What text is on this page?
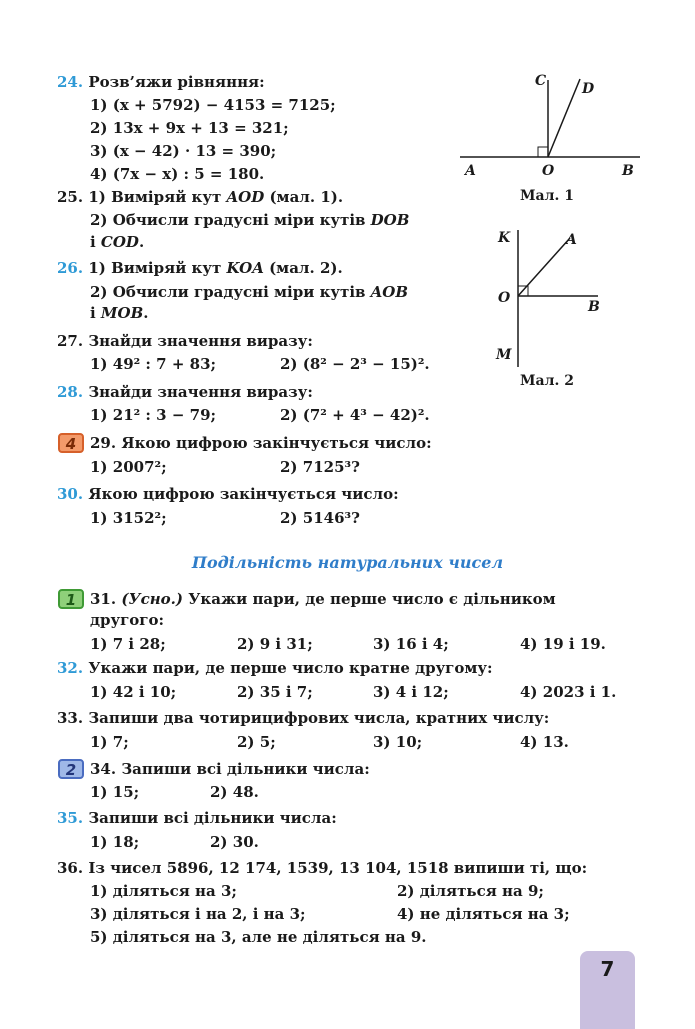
24. Розв’яжи рівняння:
1) (x + 5792) − 4153 = 7125;
2) 13x + 9x + 13 = 321;
3) (x − 42) · 13 = 390;
4) (7x − x) : 5 = 180.
25. 1) Виміряй кут AOD (мал. 1).
2) Обчисли градусні міри кутів DOB
і COD.
26. 1) Виміряй кут KOA (мал. 2).
2) Обчисли градусні міри кутів AOB
і MOB.
27. Знайди значення виразу:
1) 49² : 7 + 83;	2) (8² − 2³ − 15)².
28. Знайди значення виразу:
1) 21² : 3 − 79;	2) (7² + 4³ − 42)².
4 29. Якою цифрою закінчується число:
1) 2007²;	2) 7125³?
30. Якою цифрою закінчується число:
1) 3152²;	2) 5146³?
C	D
A	O	B
Мал. 1
K	A
O
B
M
Мал. 2
Подільність натуральних чисел
1 31. (Усно.) Укажи пари, де перше число є дільником
другого:
1) 7 і 28;	2) 9 і 31;	3) 16 і 4;	4) 19 і 19.
32. Укажи пари, де перше число кратне другому:
1) 42 і 10;	2) 35 і 7;	3) 4 і 12;	4) 2023 і 1.
33. Запиши два чотирицифрових числа, кратних числу:
1) 7;	2) 5;	3) 10;	4) 13.
2 34. Запиши всі дільники числа:
1) 15;	2) 48.
35. Запиши всі дільники числа:
1) 18;	2) 30.
36. Із чисел 5896, 12 174, 1539, 13 104, 1518 випиши ті, що:
1) діляться на 3;	2) діляться на 9;
3) діляться і на 2, і на 3;	4) не діляться на 3;
5) діляться на 3, але не діляться на 9.
7
